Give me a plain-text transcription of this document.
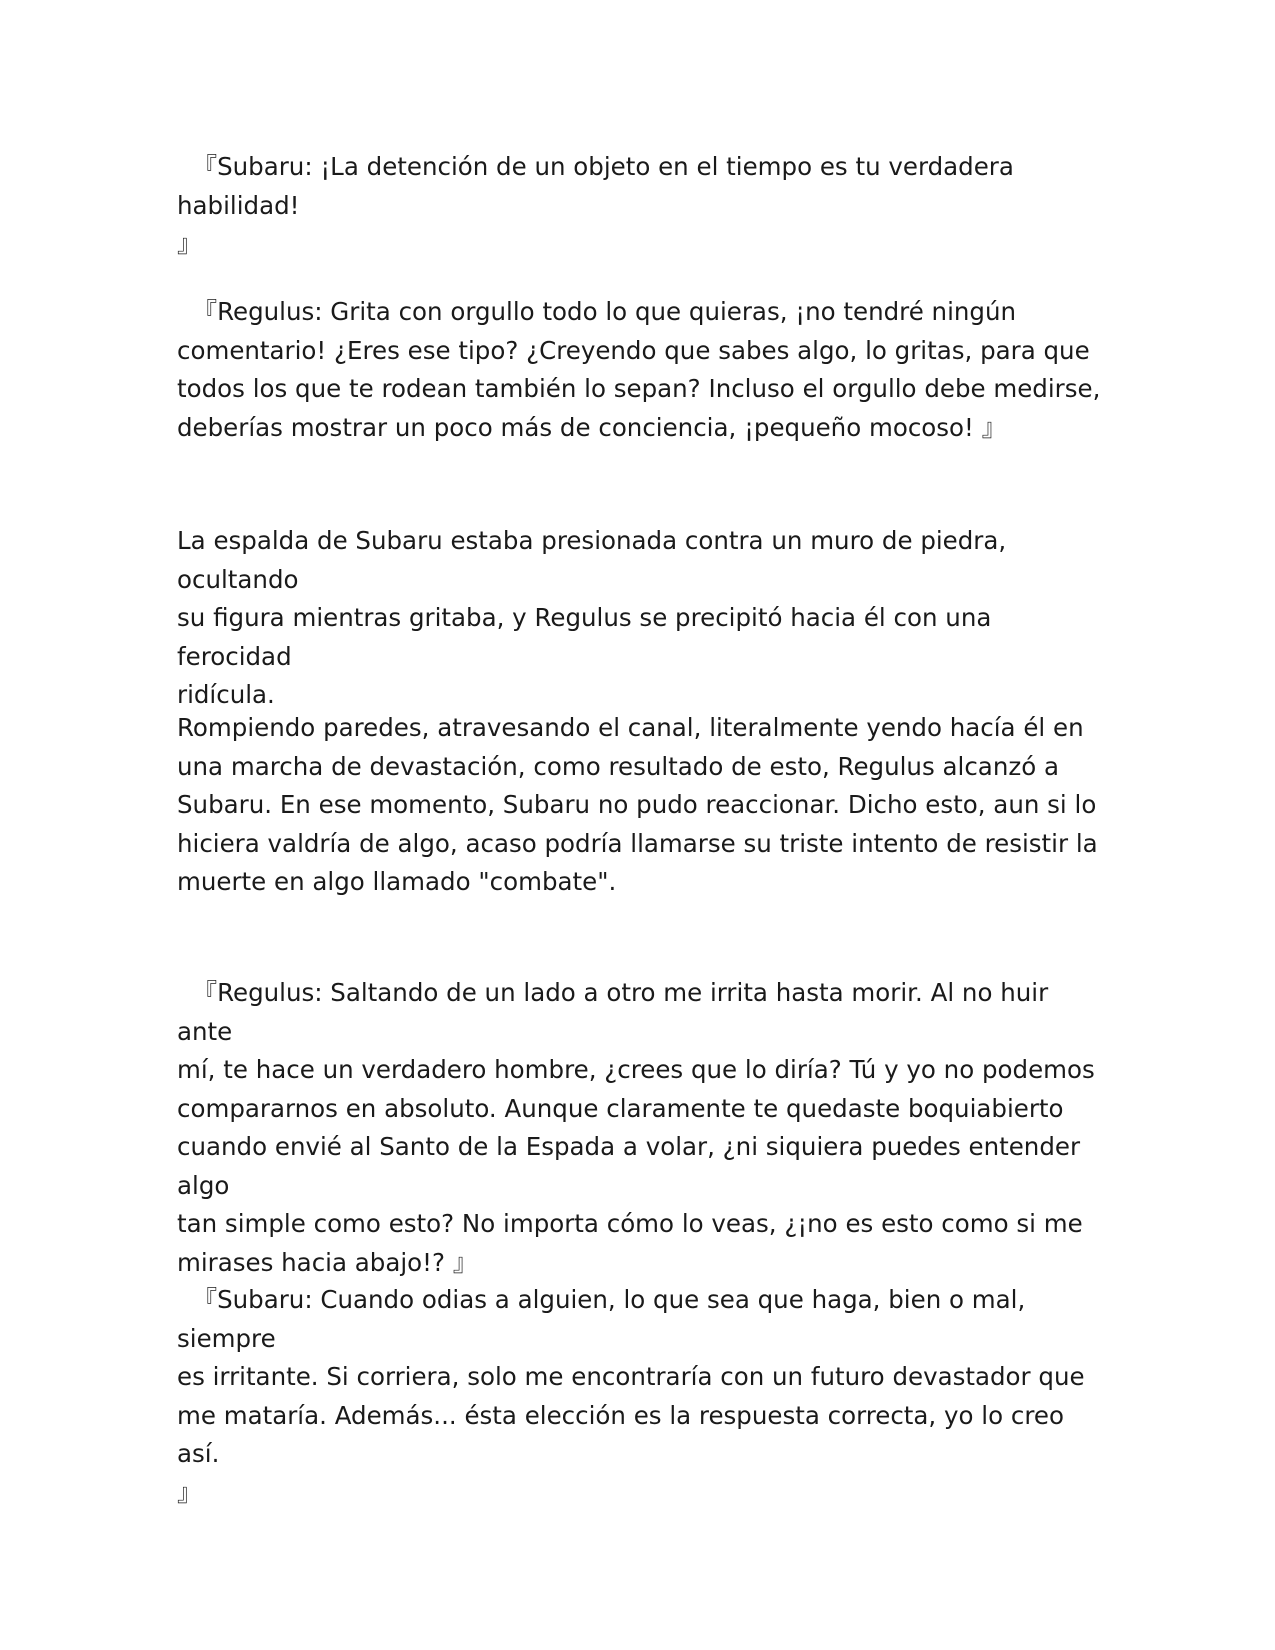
『Subaru: ¡La detención de un objeto en el tiempo es tu verdadera habilidad!
』

『Regulus: Grita con orgullo todo lo que quieras, ¡no tendré ningún
comentario! ¿Eres ese tipo? ¿Creyendo que sabes algo, lo gritas, para que
todos los que te rodean también lo sepan? Incluso el orgullo debe medirse,
deberías mostrar un poco más de conciencia, ¡pequeño mocoso! 』

La espalda de Subaru estaba presionada contra un muro de piedra, ocultando
su figura mientras gritaba, y Regulus se precipitó hacia él con una ferocidad
ridícula.

Rompiendo paredes, atravesando el canal, literalmente yendo hacía él en
una marcha de devastación, como resultado de esto, Regulus alcanzó a
Subaru. En ese momento, Subaru no pudo reaccionar. Dicho esto, aun si lo
hiciera valdría de algo, acaso podría llamarse su triste intento de resistir la
muerte en algo llamado "combate".

『Regulus: Saltando de un lado a otro me irrita hasta morir. Al no huir ante
mí, te hace un verdadero hombre, ¿crees que lo diría? Tú y yo no podemos
compararnos en absoluto. Aunque claramente te quedaste boquiabierto
cuando envié al Santo de la Espada a volar, ¿ni siquiera puedes entender algo
tan simple como esto? No importa cómo lo veas, ¿¡no es esto como si me
mirases hacia abajo!? 』

『Subaru: Cuando odias a alguien, lo que sea que haga, bien o mal, siempre
es irritante. Si corriera, solo me encontraría con un futuro devastador que
me mataría. Además... ésta elección es la respuesta correcta, yo lo creo así.
』
